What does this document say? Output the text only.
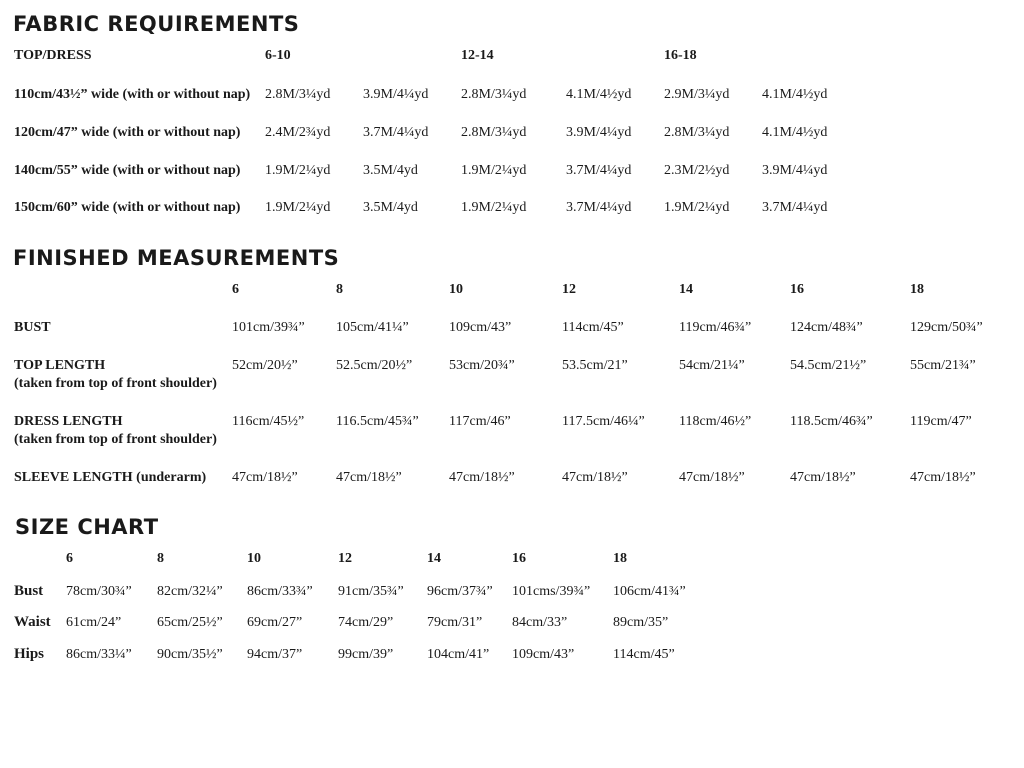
FABRIC REQUIREMENTS
TOP/DRESS	6-10	12-14	16-18
110cm/43½” wide (with or without nap) 2.8M/3¼yd 3.9M/4¼yd 2.8M/3¼yd	4.1M/4½yd 2.9M/3¼yd 4.1M/4½yd
120cm/47” wide (with or without nap) 2.4M/2¾yd 3.7M/4¼yd 2.8M/3¼yd	3.9M/4¼yd 2.8M/3¼yd 4.1M/4½yd
140cm/55” wide (with or without nap) 1.9M/2¼yd 3.5M/4yd	1.9M/2¼yd	3.7M/4¼yd 2.3M/2½yd 3.9M/4¼yd
150cm/60” wide (with or without nap) 1.9M/2¼yd 3.5M/4yd	1.9M/2¼yd	3.7M/4¼yd 1.9M/2¼yd 3.7M/4¼yd
FINISHED MEASUREMENTS
6	8	10	12	14	16	18
BUST	101cm/39¾” 105cm/41¼”	109cm/43”	114cm/45”	119cm/46¾”	124cm/48¾”	129cm/50¾”
TOP LENGTH
(taken from top of front shoulder)
52cm/20½”	52.5cm/20½”	53cm/20¾”	53.5cm/21”	54cm/21¼”	54.5cm/21½”	55cm/21¾”
DRESS LENGTH
(taken from top of front shoulder)
116cm/45½” 116.5cm/45¾” 117cm/46”	117.5cm/46¼” 118cm/46½”	118.5cm/46¾”	119cm/47”
SLEEVE LENGTH (underarm) 47cm/18½”	47cm/18½”	47cm/18½”	47cm/18½”	47cm/18½”	47cm/18½”	47cm/18½”
SIZE CHART
6	8	10	12	14	16	18
Bust 78cm/30¾” 82cm/32¼” 86cm/33¾” 91cm/35¾” 96cm/37¾” 101cms/39¾” 106cm/41¾”
Waist 61cm/24”	65cm/25½” 69cm/27”	74cm/29” 79cm/31” 84cm/33”	89cm/35”
Hips 86cm/33¼” 90cm/35½” 94cm/37”	99cm/39” 104cm/41” 109cm/43”	114cm/45”
